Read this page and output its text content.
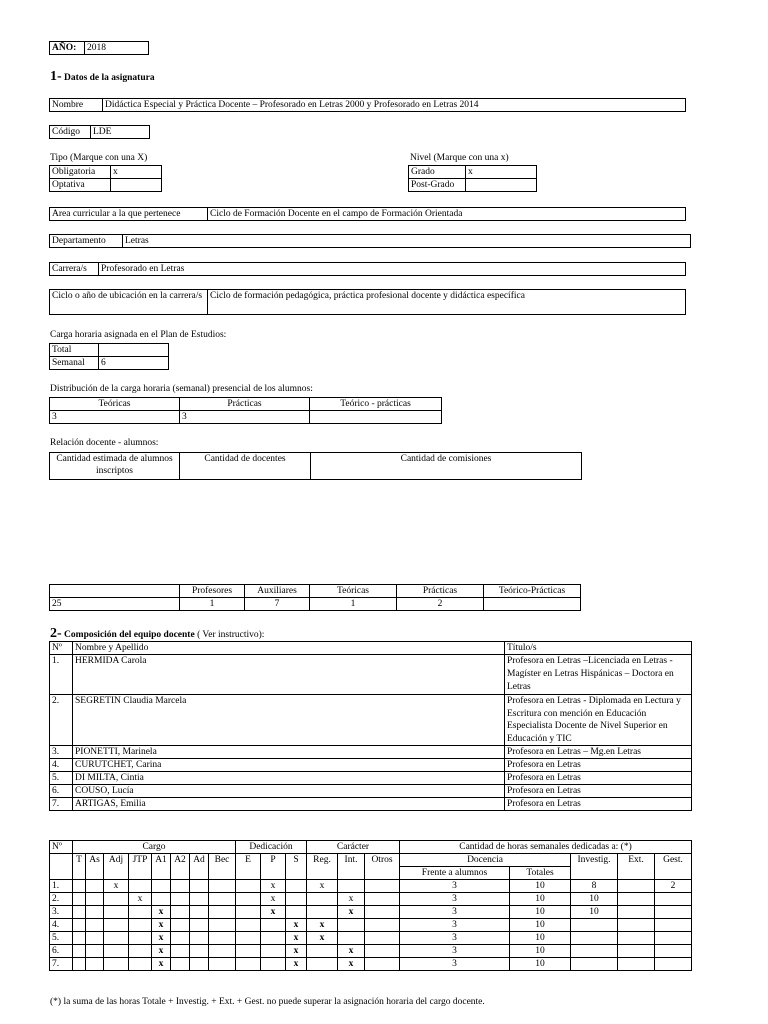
AÑO:	2018
1- Datos de la asignatura
Nombre	Didáctica Especial y Práctica Docente – Profesorado en Letras 2000 y Profesorado en Letras 2014
Código	LDE
Tipo (Marque con una X)
Obligatoria	x
Optativa	
Nivel (Marque con una x)
Grado	x
Post-Grado	
Area curricular a la que pertenece	Ciclo de Formación Docente en el campo de Formación Orientada
Departamento	Letras
Carrera/s	Profesorado en Letras
Ciclo o año de ubicación en la carrera/s	Ciclo de formación pedagógica, práctica profesional docente y didáctica específica
Carga horaria asignada en el Plan de Estudios:
Total	
Semanal	6
Distribución de la carga horaria (semanal) presencial de los alumnos:
Teóricas	Prácticas	Teórico - prácticas
3	3	
Relación docente - alumnos:
Cantidad estimada de alumnos inscriptos	Cantidad de docentes	Cantidad de comisiones
	Profesores	Auxiliares	Teóricas	Prácticas	Teórico-Prácticas
25	1	7	1	2	
2- Composición del equipo docente ( Ver instructivo):
Nº	Nombre y Apellido	Título/s
1.	HERMIDA Carola	Profesora en Letras –Licenciada en Letras - Magíster en Letras Hispánicas – Doctora en Letras
2.	SEGRETIN Claudia Marcela	Profesora en Letras - Diplomada en Lectura y Escritura con mención en Educación Especialista Docente de Nivel Superior en Educación y TIC
3.	PIONETTI, Marinela	Profesora en Letras – Mg.en Letras
4.	CURUTCHET, Carina	Profesora en Letras
5.	DI MILTA, Cintia	Profesora en Letras
6.	COUSO, Lucía	Profesora en Letras
7.	ARTIGAS, Emilia	Profesora en Letras
Nº	Cargo								Dedicación			Carácter			Cantidad de horas semanales dedicadas a: (*)				
	T	As	Adj	JTP	A1	A2	Ad	Bec	E	P	S	Reg.	Int.	Otros	Docencia		Investig.	Ext.	Gest.
															Frente a alumnos	Totales			
1.			x							x		x			3	10	8		2
2.				x						x			x		3	10	10		
3.					x					x			x		3	10	10		
4.					x						x	x			3	10			
5.					x						x	x			3	10			
6.					x						x		x		3	10			
7.					x						x		x		3	10			
(*) la suma de las horas Totale + Investig. + Ext. + Gest. no puede superar la asignación horaria del cargo docente.
